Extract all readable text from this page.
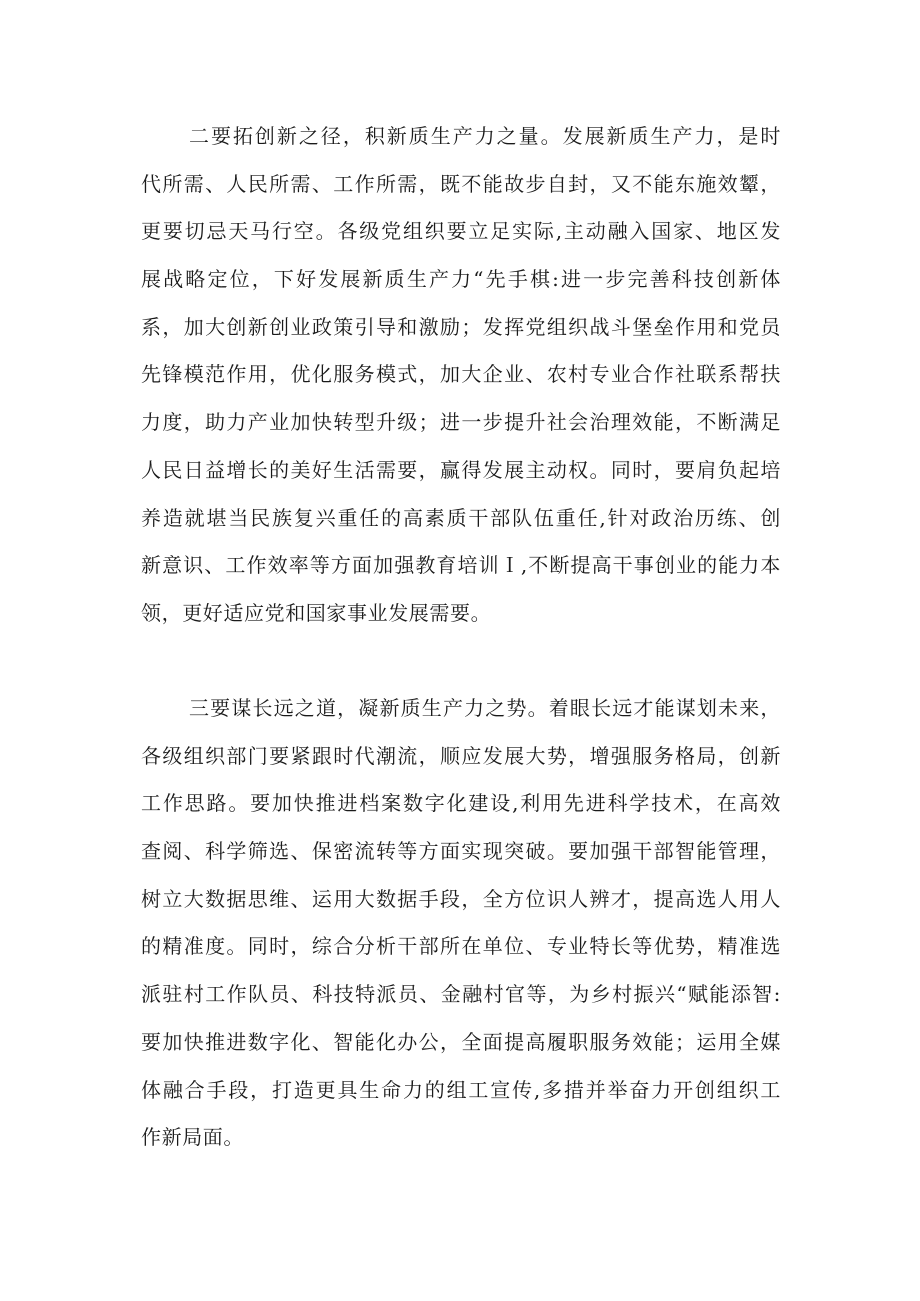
二要拓创新之径，积新质生产力之量。发展新质生产力，是时
代所需、人民所需、工作所需，既不能故步自封，又不能东施效颦，
更要切忌天马行空。各级党组织要立足实际,主动融入国家、地区发
展战略定位，下好发展新质生产力“先手棋:进一步完善科技创新体
系，加大创新创业政策引导和激励；发挥党组织战斗堡垒作用和党员
先锋模范作用，优化服务模式，加大企业、农村专业合作社联系帮扶
力度，助力产业加快转型升级；进一步提升社会治理效能，不断满足
人民日益增长的美好生活需要，赢得发展主动权。同时，要肩负起培
养造就堪当民族复兴重任的高素质干部队伍重任,针对政治历练、创
新意识、工作效率等方面加强教育培训Ｉ,不断提高干事创业的能力本
领，更好适应党和国家事业发展需要。
三要谋长远之道，凝新质生产力之势。着眼长远才能谋划未来，
各级组织部门要紧跟时代潮流，顺应发展大势，增强服务格局，创新
工作思路。要加快推进档案数字化建设,利用先进科学技术，在高效
查阅、科学筛选、保密流转等方面实现突破。要加强干部智能管理，
树立大数据思维、运用大数据手段，全方位识人辨才，提高选人用人
的精准度。同时，综合分析干部所在单位、专业特长等优势，精准选
派驻村工作队员、科技特派员、金融村官等，为乡村振兴“赋能添智:
要加快推进数字化、智能化办公，全面提高履职服务效能；运用全媒
体融合手段，打造更具生命力的组工宣传,多措并举奋力开创组织工
作新局面。
